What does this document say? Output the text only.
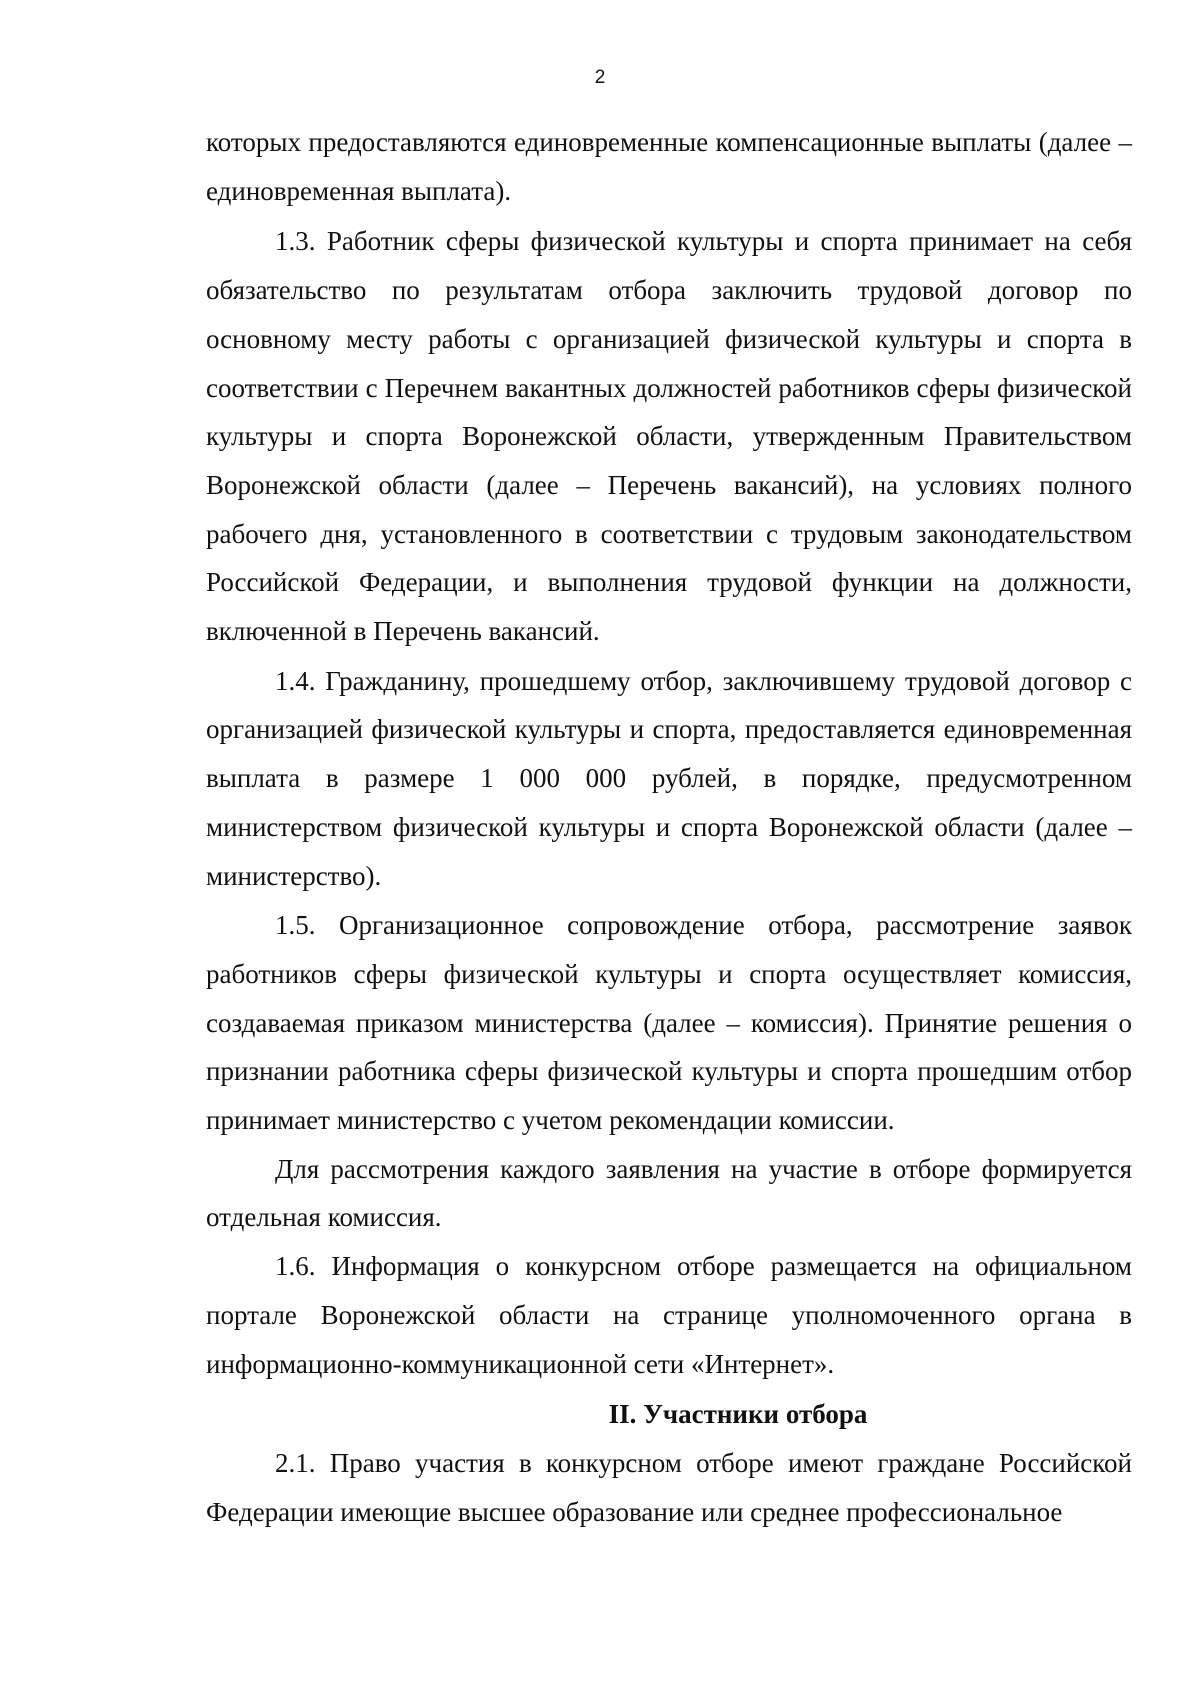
2

которых предоставляются единовременные компенсационные выплаты (далее – единовременная выплата).

1.3. Работник сферы физической культуры и спорта принимает на себя обязательство по результатам отбора заключить трудовой договор по основному месту работы с организацией физической культуры и спорта в соответствии с Перечнем вакантных должностей работников сферы физической культуры и спорта Воронежской области, утвержденным Правительством Воронежской области (далее – Перечень вакансий), на условиях полного рабочего дня, установленного в соответствии с трудовым законодательством Российской Федерации, и выполнения трудовой функции на должности, включенной в Перечень вакансий.

1.4. Гражданину, прошедшему отбор, заключившему трудовой договор с организацией физической культуры и спорта, предоставляется единовременная выплата в размере 1 000 000 рублей, в порядке, предусмотренном министерством физической культуры и спорта Воронежской области (далее – министерство).

1.5. Организационное сопровождение отбора, рассмотрение заявок работников сферы физической культуры и спорта осуществляет комиссия, создаваемая приказом министерства (далее – комиссия). Принятие решения о признании работника сферы физической культуры и спорта прошедшим отбор принимает министерство с учетом рекомендации комиссии.

Для рассмотрения каждого заявления на участие в отборе формируется отдельная комиссия.

1.6. Информация о конкурсном отборе размещается на официальном портале Воронежской области на странице уполномоченного органа в информационно-коммуникационной сети «Интернет».

II. Участники отбора

2.1. Право участия в конкурсном отборе имеют граждане Российской Федерации имеющие высшее образование или среднее профессиональное
